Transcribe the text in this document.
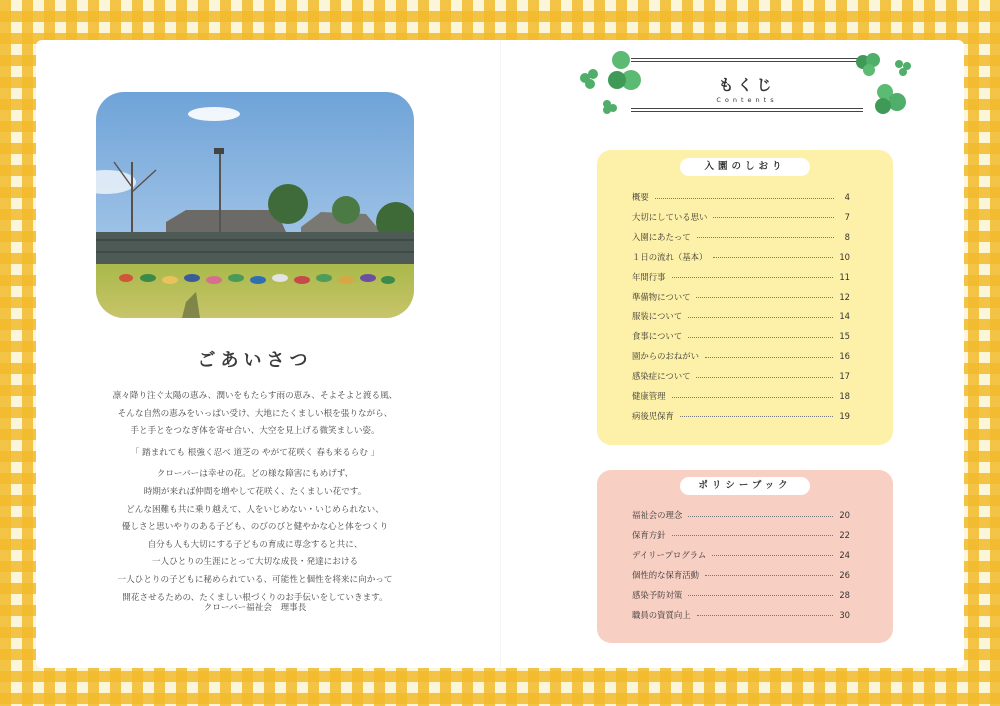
ごあいさつ

凛々降り注ぐ太陽の恵み、潤いをもたらす雨の恵み、そよそよと渡る風、

そんな自然の恵みをいっぱい受け、大地にたくましい根を張りながら、

手と手とをつなぎ体を寄せ合い、大空を見上げる微笑ましい姿。

「 踏まれても 根強く忍べ 道芝の やがて花咲く 春も来るらむ 」

クローバーは幸せの花。どの様な障害にもめげず、

時期が来れば仲間を増やして花咲く、たくましい花です。

どんな困難も共に乗り越えて、人をいじめない・いじめられない、

優しさと思いやりのある子ども、のびのびと健やかな心と体をつくり

自分も人も大切にする子どもの育成に専念すると共に、

一人ひとりの生涯にとって大切な成長・発達における

一人ひとりの子どもに秘められている、可能性と個性を将来に向かって

開花させるための、たくましい根づくりのお手伝いをしていきます。

クローバー福祉会　理事長
もくじ
Contents
入園のしおり
概要	4
大切にしている思い	7
入園にあたって	8
１日の流れ（基本）	10
年間行事	11
準備物について	12
服装について	14
食事について	15
園からのおねがい	16
感染症について	17
健康管理	18
病後児保育	19
ポリシーブック
福祉会の理念	20
保育方針	22
デイリープログラム	24
個性的な保育活動	26
感染予防対策	28
職員の資質向上	30
